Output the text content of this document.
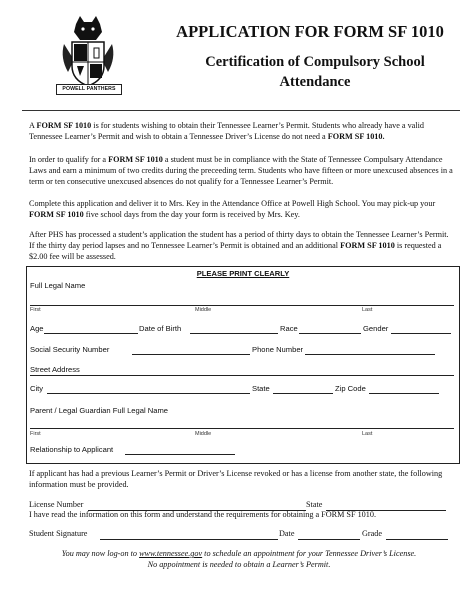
POWELL PANTHERS
APPLICATION FOR FORM SF 1010
Certification of Compulsory School
Attendance
A FORM SF 1010 is for students wishing to obtain their Tennessee Learner’s Permit. Students who already have a valid Tennessee Learner’s Permit and wish to obtain a Tennessee Driver’s License do not need a FORM SF 1010.
In order to qualify for a FORM SF 1010 a student must be in compliance with the State of Tennessee Compulsary Attendance Laws and earn a minimum of two credits during the preceeding term. Students who have fifteen or more unexcused absences in a term or ten consecutive unexcused absences do not qualify for a Tennessee Learner’s Permit.
Complete this application and deliver it to Mrs. Key in the Attendance Office at Powell High School. You may pick-up your FORM SF 1010 five school days from the day your form is received by Mrs. Key.
After PHS has processed a student’s application the student has a period of thirty days to obtain the Tennessee Learner’s Permit. If the thirty day period lapses and no Tennessee Learner’s Permit is obtained and an additional FORM SF 1010 is requested a $2.00 fee will be assessed.
PLEASE PRINT CLEARLY
Full Legal Name
First	Middle	Last
Age	Date of Birth	Race	Gender
Social Security Number	Phone Number
Street Address
City	State	Zip Code
Parent / Legal Guardian Full Legal Name
First	Middle	Last
Relationship to Applicant
If applicant has had a previous Learner’s Permit or Driver’s License revoked or has a license from another state, the following information must be provided.
License Number	State
I have read the information on this form and understand the requirements for obtaining a FORM SF 1010.
Student Signature	Date	Grade
You may now log-on to www.tennessee.gov to schedule an appointment for your Tennessee Driver’s License.
No appointment is needed to obtain a Learner’s Permit.
